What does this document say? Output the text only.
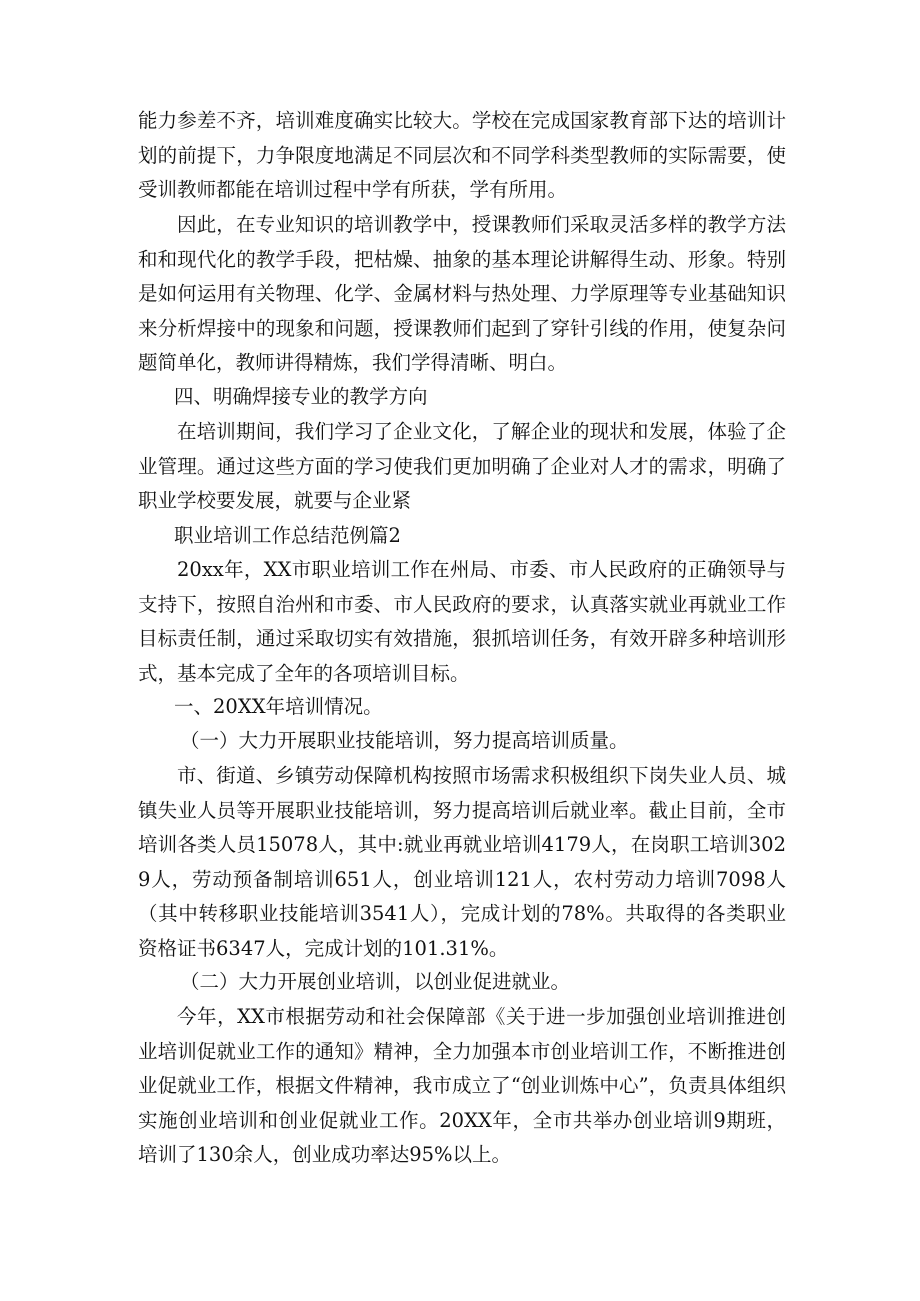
能力参差不齐，培训难度确实比较大。学校在完成国家教育部下达的培训计划的前提下，力争限度地满足不同层次和不同学科类型教师的实际需要，使受训教师都能在培训过程中学有所获，学有所用。

因此，在专业知识的培训教学中，授课教师们采取灵活多样的教学方法和和现代化的教学手段，把枯燥、抽象的基本理论讲解得生动、形象。特别是如何运用有关物理、化学、金属材料与热处理、力学原理等专业基础知识来分析焊接中的现象和问题，授课教师们起到了穿针引线的作用，使复杂问题简单化，教师讲得精炼，我们学得清晰、明白。

四、明确焊接专业的教学方向

在培训期间，我们学习了企业文化，了解企业的现状和发展，体验了企业管理。通过这些方面的学习使我们更加明确了企业对人才的需求，明确了职业学校要发展，就要与企业紧

职业培训工作总结范例篇2

20xx年，XX市职业培训工作在州局、市委、市人民政府的正确领导与支持下，按照自治州和市委、市人民政府的要求，认真落实就业再就业工作目标责任制，通过采取切实有效措施，狠抓培训任务，有效开辟多种培训形式，基本完成了全年的各项培训目标。

一、20XX年培训情况。

（一）大力开展职业技能培训，努力提高培训质量。

市、街道、乡镇劳动保障机构按照市场需求积极组织下岗失业人员、城镇失业人员等开展职业技能培训，努力提高培训后就业率。截止目前，全市培训各类人员15078人，其中:就业再就业培训4179人，在岗职工培训3029人，劳动预备制培训651人，创业培训121人，农村劳动力培训7098人（其中转移职业技能培训3541人），完成计划的78%。共取得的各类职业资格证书6347人，完成计划的101.31%。

（二）大力开展创业培训，以创业促进就业。

今年，XX市根据劳动和社会保障部《关于进一步加强创业培训推进创业培训促就业工作的通知》精神，全力加强本市创业培训工作，不断推进创业促就业工作，根据文件精神，我市成立了“创业训炼中心”，负责具体组织实施创业培训和创业促就业工作。20XX年，全市共举办创业培训9期班，培训了130余人，创业成功率达95%以上。
